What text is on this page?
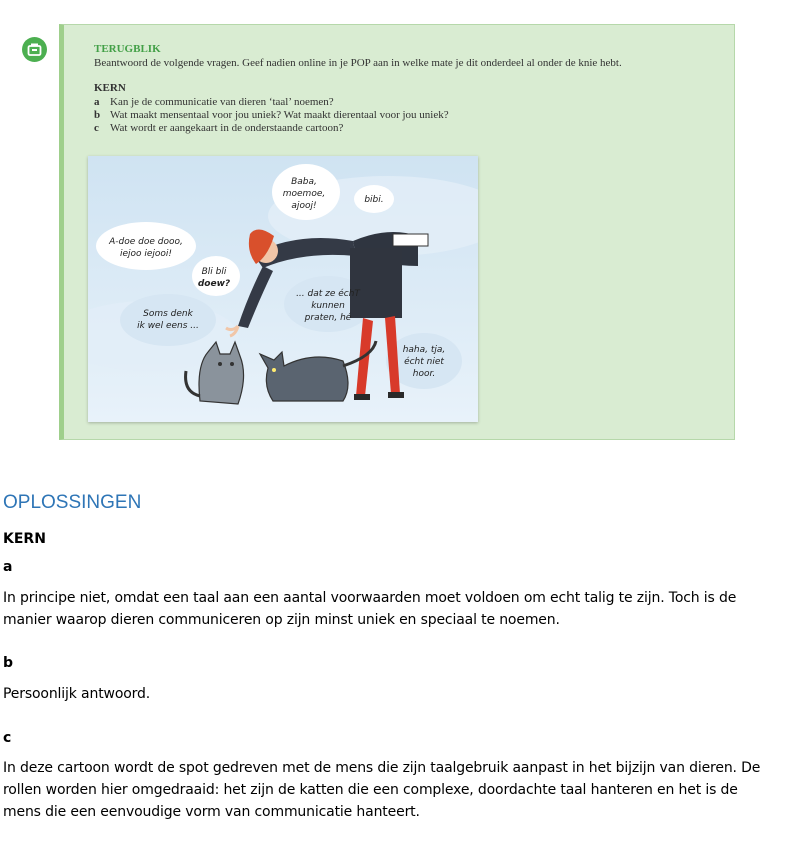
TERUGBLIK
Beantwoord de volgende vragen. Geef nadien online in je POP aan in welke mate je dit onderdeel al onder de knie hebt.
KERN
a Kan je de communicatie van dieren ‘taal’ noemen?
b Wat maakt mensentaal voor jou uniek? Wat maakt dierentaal voor jou uniek?
c Wat wordt er aangekaart in de onderstaande cartoon?
Baba, moemoe, ajooj!
bibi.
A-doe doe dooo, iejoo iejooi!
Bli bli doew?
Soms denk ik wel eens ...
... dat ze échT kunnen praten, hé
haha, tja, écht niet hoor.
OPLOSSINGEN
KERN
a
In principe niet, omdat een taal aan een aantal voorwaarden moet voldoen om echt talig te zijn. Toch is de manier waarop dieren communiceren op zijn minst uniek en speciaal te noemen.
b
Persoonlijk antwoord.
c
In deze cartoon wordt de spot gedreven met de mens die zijn taalgebruik aanpast in het bijzijn van dieren. De rollen worden hier omgedraaid: het zijn de katten die een complexe, doordachte taal hanteren en het is de mens die een eenvoudige vorm van communicatie hanteert.
